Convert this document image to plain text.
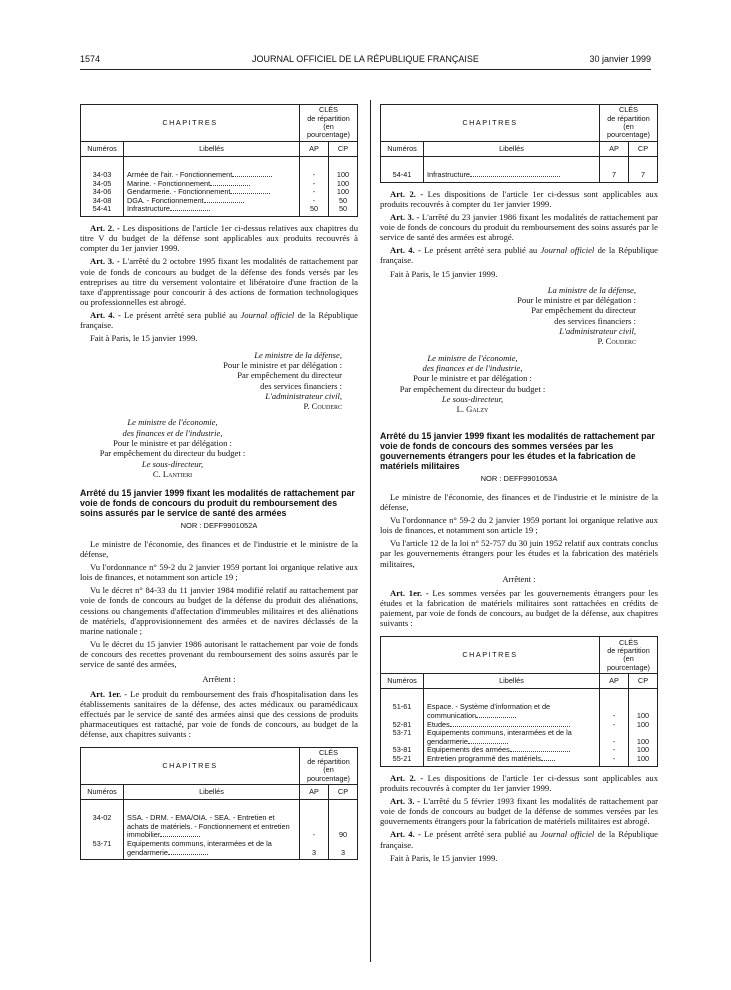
1574	JOURNAL OFFICIEL DE LA RÉPUBLIQUE FRANÇAISE	30 janvier 1999
CHAPITRES		CLÉS
de répartition
(en pourcentage)	
Numéros	Libellés	AP	CP

34-03	Armée de l'air. - Fonctionnement	-	100
34-05	Marine. - Fonctionnement	-	100
34-06	Gendarmerie. - Fonctionnement	-	100
34-08	DGA. - Fonctionnement	-	50
54-41	Infrastructure	50	50

Art. 2. - Les dispositions de l'article 1er ci-dessus relatives aux chapitres du titre V du budget de la défense sont applicables aux produits recouvrés à compter du 1er janvier 1999.

Art. 3. - L'arrêté du 2 octobre 1995 fixant les modalités de rattachement par voie de fonds de concours au budget de la défense des fonds versés par les entreprises au titre du versement volontaire et libératoire d'une fraction de la taxe d'apprentissage pour concourir à des actions de formation technologiques ou professionnelles est abrogé.

Art. 4. - Le présent arrêté sera publié au Journal officiel de la République française.

Fait à Paris, le 15 janvier 1999.

Le ministre de la défense,
Pour le ministre et par délégation :
Par empêchement du directeur
des services financiers :
L'administrateur civil,
P. Couderc
Le ministre de l'économie,
des finances et de l'industrie,
Pour le ministre et par délégation :
Par empêchement du directeur du budget :
Le sous-directeur,
C. Lantieri
Arrêté du 15 janvier 1999 fixant les modalités de rattachement par voie de fonds de concours du produit du remboursement des soins assurés par le service de santé des armées
NOR : DEFF9901052A

Le ministre de l'économie, des finances et de l'industrie et le ministre de la défense,

Vu l'ordonnance n° 59-2 du 2 janvier 1959 portant loi organique relative aux lois de finances, et notamment son article 19 ;

Vu le décret n° 84-33 du 11 janvier 1984 modifié relatif au rattachement par voie de fonds de concours au budget de la défense du produit des aliénations, cessions ou changements d'affectation d'immeubles militaires et des aliénations de matériels, d'approvisionnement des armées et de navires déclassés de la marine nationale ;

Vu le décret du 15 janvier 1986 autorisant le rattachement par voie de fonds de concours des recettes provenant du remboursement des soins assurés par le service de santé des armées,

Arrêtent :

Art. 1er. - Le produit du remboursement des frais d'hospitalisation dans les établissements sanitaires de la défense, des actes médicaux ou paramédicaux effectués par le service de santé des armées ainsi que des cessions de produits pharmaceutiques est rattaché, par voie de fonds de concours, au budget de la défense, aux chapitres suivants :

CHAPITRES		CLÉS
de répartition
(en pourcentage)	
Numéros	Libellés	AP	CP

34-02	SSA. - DRM. - EMA/OIA. - SEA. - Entretien et achats de matériels. - Fonctionnement et entretien immobilier	-	90
53-71	Equipements communs, interarmées et de la gendarmerie	3	3
CHAPITRES		CLÉS
de répartition
(en pourcentage)	
Numéros	Libellés	AP	CP

54-41	Infrastructure	7	7

Art. 2. - Les dispositions de l'article 1er ci-dessus sont applicables aux produits recouvrés à compter du 1er janvier 1999.

Art. 3. - L'arrêté du 23 janvier 1986 fixant les modalités de rattachement par voie de fonds de concours du produit du remboursement des soins assurés par le service de santé des armées est abrogé.

Art. 4. - Le présent arrêté sera publié au Journal officiel de la République française.

Fait à Paris, le 15 janvier 1999.

La ministre de la défense,
Pour le ministre et par délégation :
Par empêchement du directeur
des services financiers :
L'administrateur civil,
P. Couderc
Le ministre de l'économie,
des finances et de l'industrie,
Pour le ministre et par délégation :
Par empêchement du directeur du budget :
Le sous-directeur,
L. Galzy
Arrêté du 15 janvier 1999 fixant les modalités de rattachement par voie de fonds de concours des sommes versées par les gouvernements étrangers pour les études et la fabrication de matériels militaires
NOR : DEFF9901053A

Le ministre de l'économie, des finances et de l'industrie et le ministre de la défense,

Vu l'ordonnance n° 59-2 du 2 janvier 1959 portant loi organique relative aux lois de finances, et notamment son article 19 ;

Vu l'article 12 de la loi n° 52-757 du 30 juin 1952 relatif aux contrats conclus par les gouvernements étrangers pour les études et la fabrication des matériels militaires,

Arrêtent :

Art. 1er. - Les sommes versées par les gouvernements étrangers pour les études et la fabrication de matériels militaires sont rattachées en crédits de paiement, par voie de fonds de concours, au budget de la défense, aux chapitres suivants :

CHAPITRES		CLÉS
de répartition
(en pourcentage)	
Numéros	Libellés	AP	CP

51-61	Espace. - Système d'information et de communication	-	100
52-81	Etudes	-	100
53-71	Equipements communs, interarmées et de la gendarmerie	-	100
53-81	Equipements des armées	-	100
55-21	Entretien programmé des matériels	-	100

Art. 2. - Les dispositions de l'article 1er ci-dessus sont applicables aux produits recouvrés à compter du 1er janvier 1999.

Art. 3. - L'arrêté du 5 février 1993 fixant les modalités de rattachement par voie de fonds de concours au budget de la défense de sommes versées par les gouvernements étrangers pour la fabrication de matériels militaires est abrogé.

Art. 4. - Le présent arrêté sera publié au Journal officiel de la République française.

Fait à Paris, le 15 janvier 1999.
